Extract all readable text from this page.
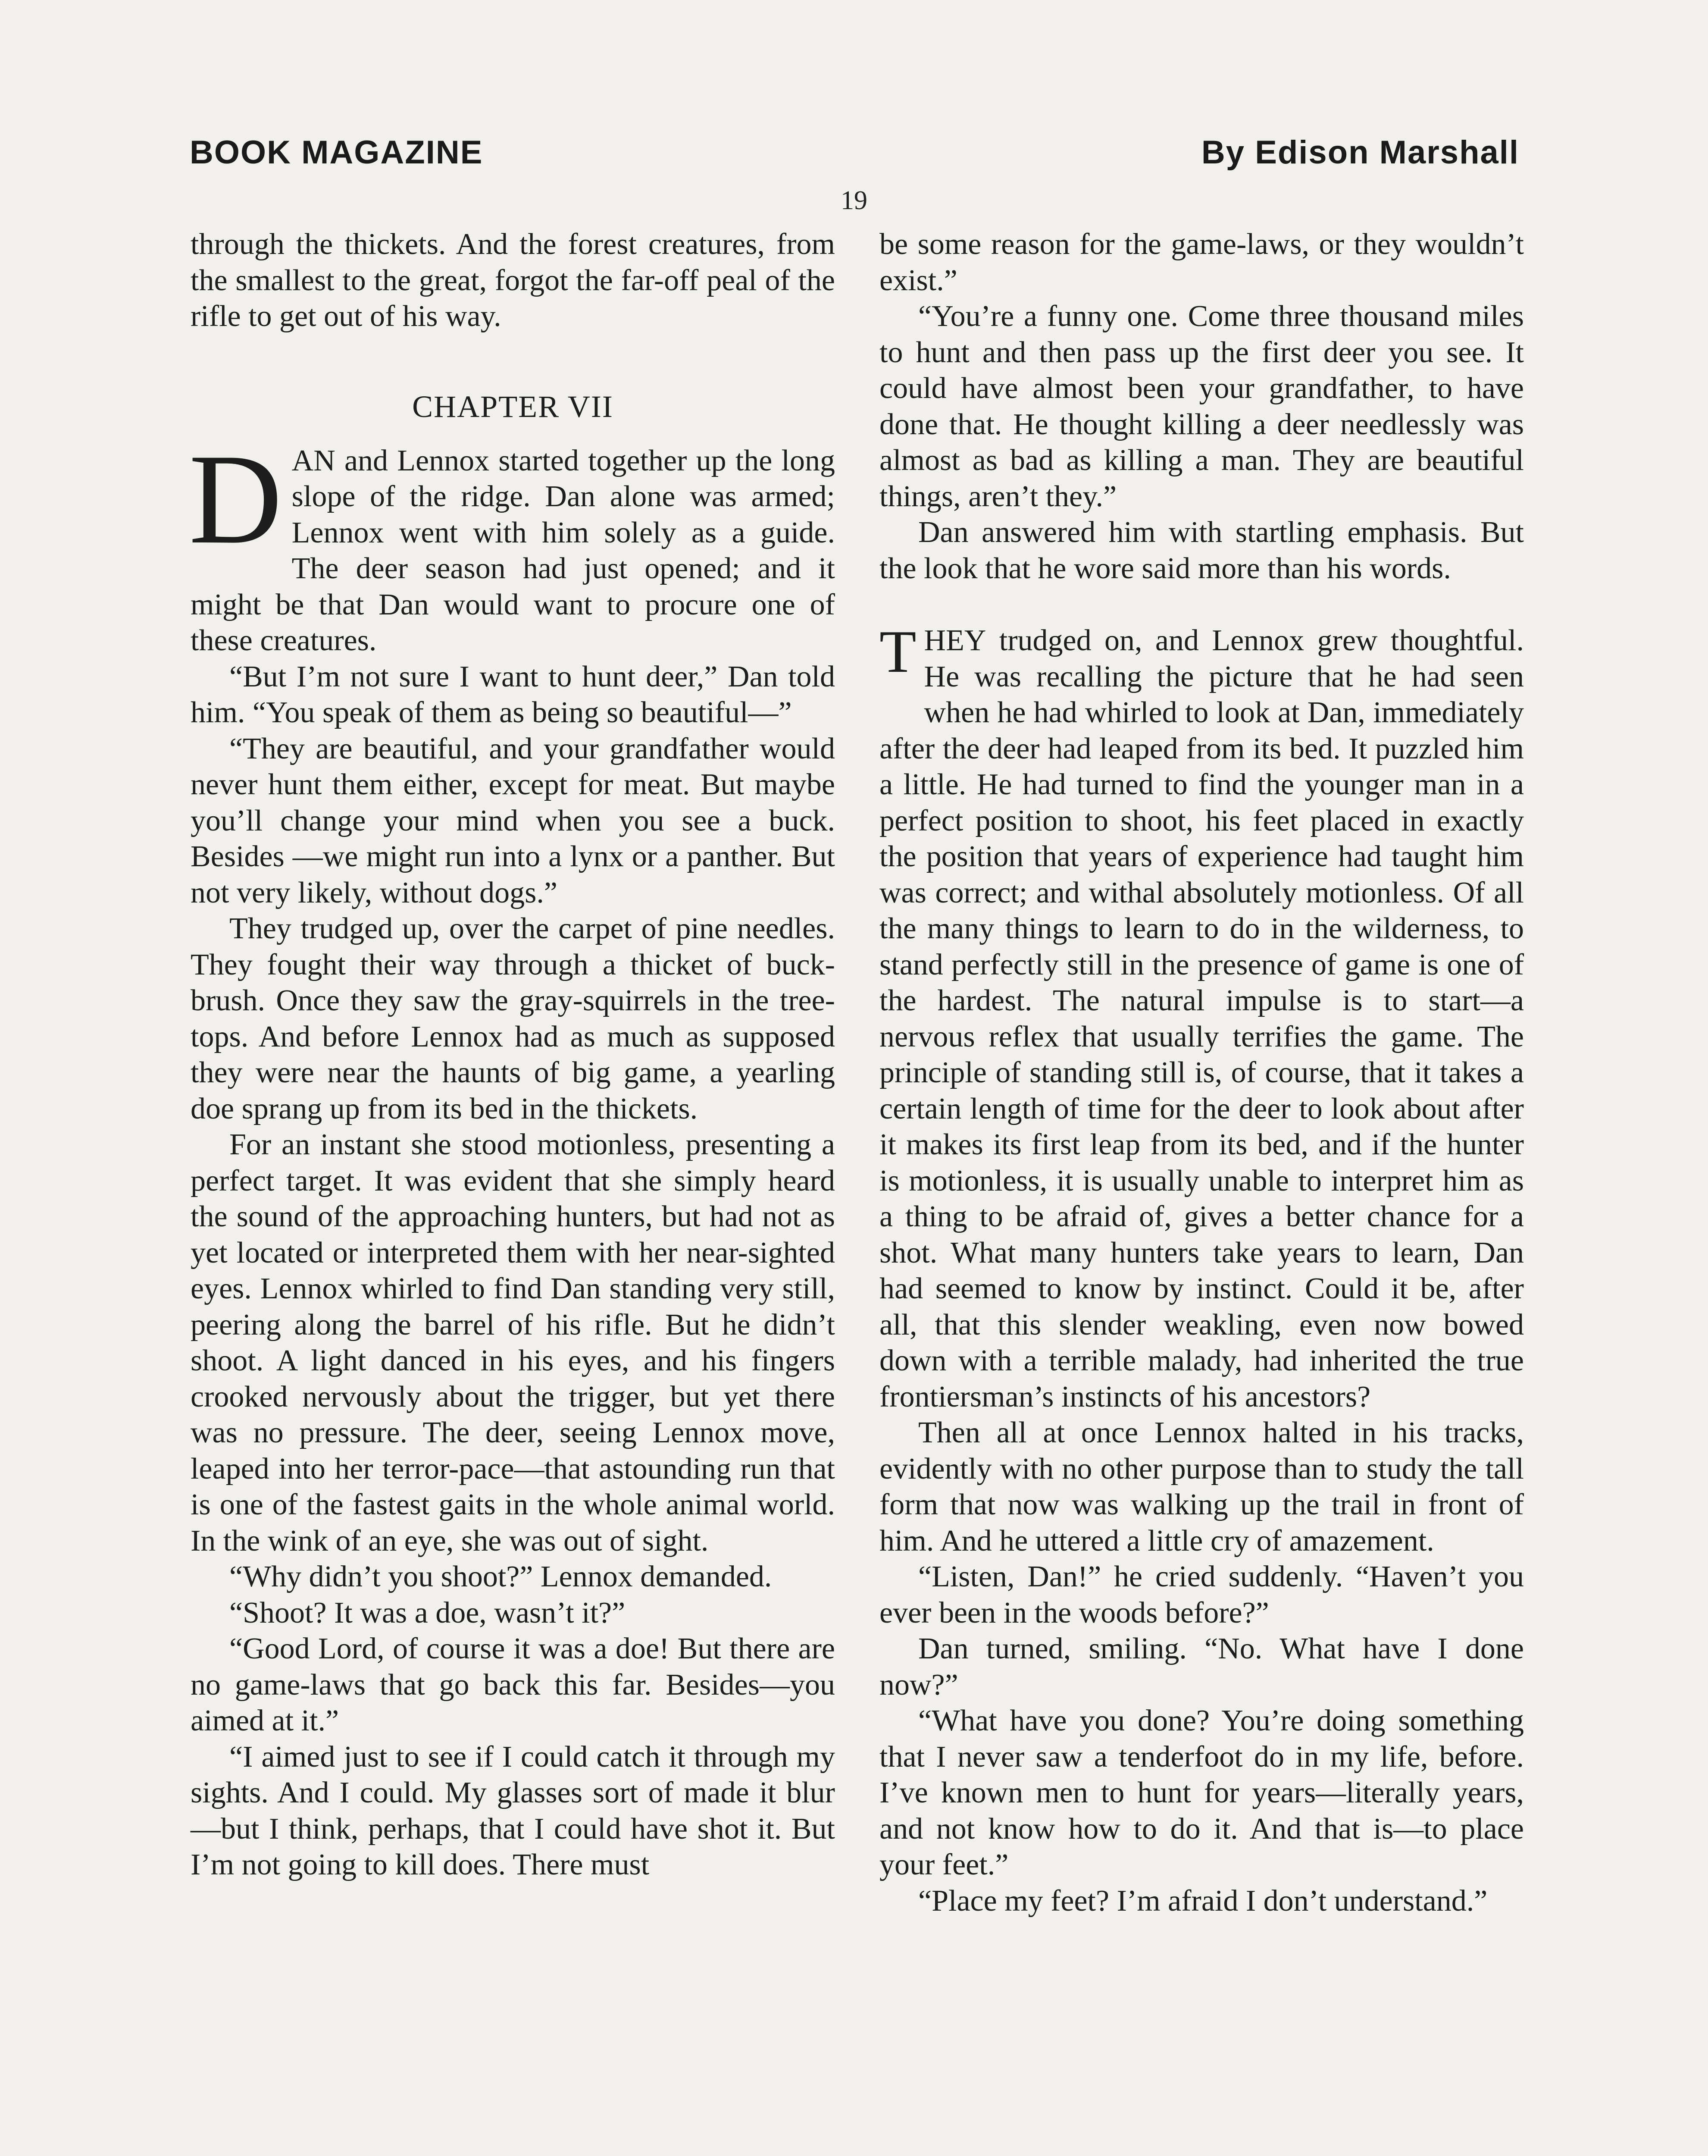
BOOK MAGAZINE	By Edison Marshall
19

through the thickets. And the forest creatures, from the smallest to the great, forgot the far-off peal of the rifle to get out of his way.

CHAPTER VII

DAN and Lennox started together up the long slope of the ridge. Dan alone was armed; Lennox went with him solely as a guide. The deer season had just opened; and it might be that Dan would want to procure one of these creatures.

“But I’m not sure I want to hunt deer,” Dan told him. “You speak of them as being so beautiful—”

“They are beautiful, and your grandfather would never hunt them either, except for meat. But maybe you’ll change your mind when you see a buck. Besides —we might run into a lynx or a panther. But not very likely, without dogs.”

They trudged up, over the carpet of pine needles. They fought their way through a thicket of buck-brush. Once they saw the gray-squirrels in the tree-tops. And before Lennox had as much as supposed they were near the haunts of big game, a yearling doe sprang up from its bed in the thickets.

For an instant she stood motionless, presenting a perfect target. It was evident that she simply heard the sound of the approaching hunters, but had not as yet located or interpreted them with her near-sighted eyes. Lennox whirled to find Dan standing very still, peering along the barrel of his rifle. But he didn’t shoot. A light danced in his eyes, and his fingers crooked nervously about the trigger, but yet there was no pressure. The deer, seeing Lennox move, leaped into her terror-pace—that astounding run that is one of the fastest gaits in the whole animal world. In the wink of an eye, she was out of sight.

“Why didn’t you shoot?” Lennox demanded.

“Shoot? It was a doe, wasn’t it?”

“Good Lord, of course it was a doe! But there are no game-laws that go back this far. Besides—you aimed at it.”

“I aimed just to see if I could catch it through my sights. And I could. My glasses sort of made it blur—but I think, perhaps, that I could have shot it. But I’m not going to kill does. There must

be some reason for the game-laws, or they wouldn’t exist.”

“You’re a funny one. Come three thousand miles to hunt and then pass up the first deer you see. It could have almost been your grandfather, to have done that. He thought killing a deer needlessly was almost as bad as killing a man. They are beautiful things, aren’t they.”

Dan answered him with startling emphasis. But the look that he wore said more than his words.

THEY trudged on, and Lennox grew thoughtful. He was recalling the picture that he had seen when he had whirled to look at Dan, immediately after the deer had leaped from its bed. It puzzled him a little. He had turned to find the younger man in a perfect position to shoot, his feet placed in exactly the position that years of experience had taught him was correct; and withal absolutely motionless. Of all the many things to learn to do in the wilderness, to stand perfectly still in the presence of game is one of the hardest. The natural impulse is to start—a nervous reflex that usually terrifies the game. The principle of standing still is, of course, that it takes a certain length of time for the deer to look about after it makes its first leap from its bed, and if the hunter is motionless, it is usually unable to interpret him as a thing to be afraid of, gives a better chance for a shot. What many hunters take years to learn, Dan had seemed to know by instinct. Could it be, after all, that this slender weakling, even now bowed down with a terrible malady, had inherited the true frontiersman’s instincts of his ancestors?

Then all at once Lennox halted in his tracks, evidently with no other purpose than to study the tall form that now was walking up the trail in front of him. And he uttered a little cry of amazement.

“Listen, Dan!” he cried suddenly. “Haven’t you ever been in the woods before?”

Dan turned, smiling. “No. What have I done now?”

“What have you done? You’re doing something that I never saw a tenderfoot do in my life, before. I’ve known men to hunt for years—literally years, and not know how to do it. And that is—to place your feet.”

“Place my feet? I’m afraid I don’t understand.”
